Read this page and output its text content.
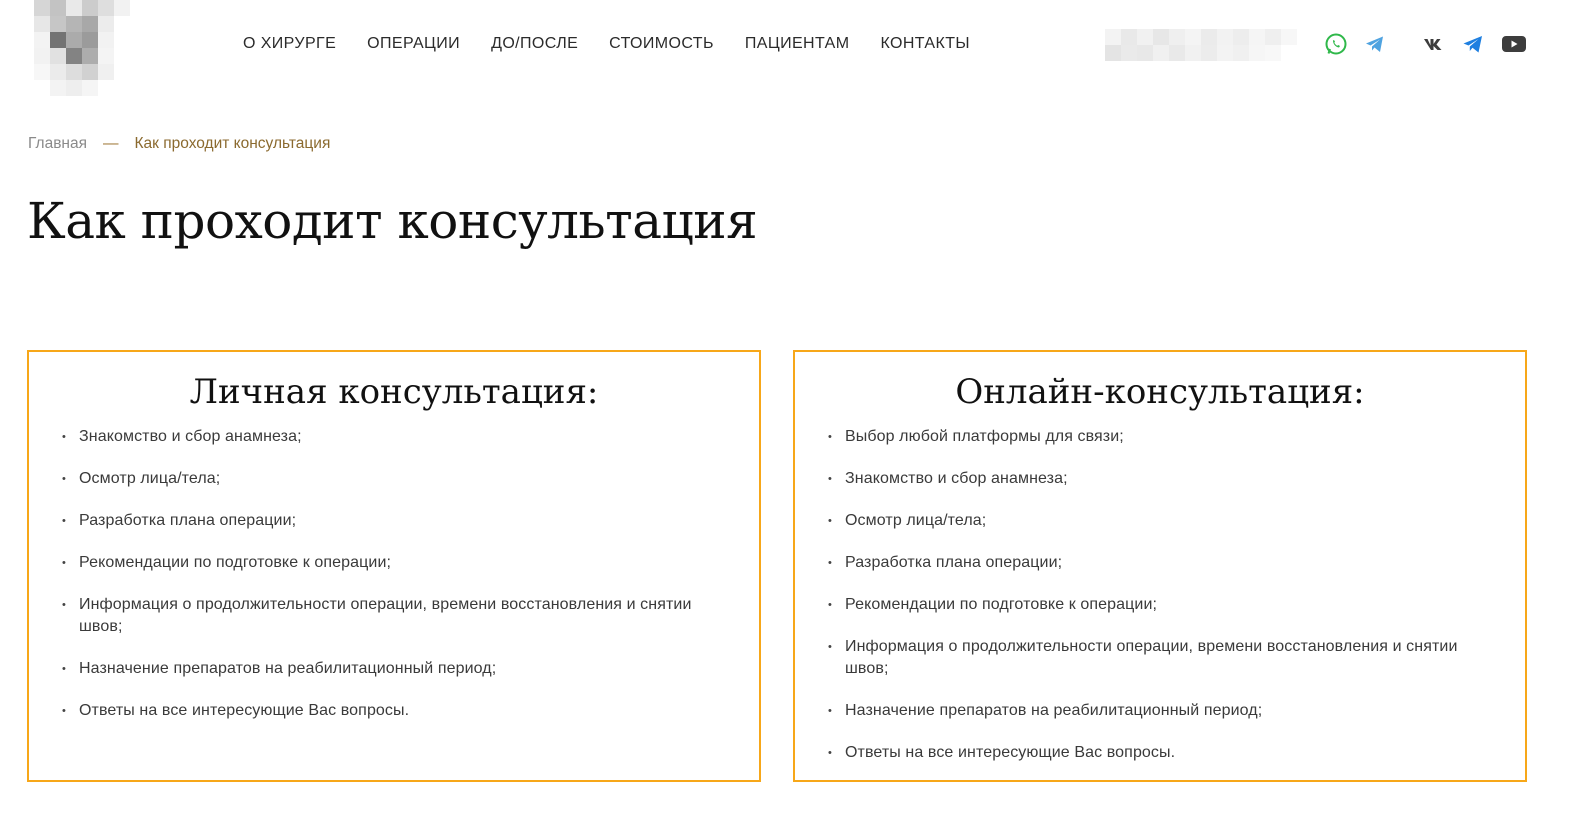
О ХИРУРГЕ ОПЕРАЦИИ ДО/ПОСЛЕ СТОИМОСТЬ ПАЦИЕНТАМ КОНТАКТЫ
Главная — Как проходит консультация
Как проходит консультация
Личная консультация:
• Знакомство и сбор анамнеза;
• Осмотр лица/тела;
• Разработка плана операции;
• Рекомендации по подготовке к операции;
• Информация о продолжительности операции, времени восстановления и снятии швов;
• Назначение препаратов на реабилитационный период;
• Ответы на все интересующие Вас вопросы.
Онлайн-консультация:
• Выбор любой платформы для связи;
• Знакомство и сбор анамнеза;
• Осмотр лица/тела;
• Разработка плана операции;
• Рекомендации по подготовке к операции;
• Информация о продолжительности операции, времени восстановления и снятии швов;
• Назначение препаратов на реабилитационный период;
• Ответы на все интересующие Вас вопросы.
